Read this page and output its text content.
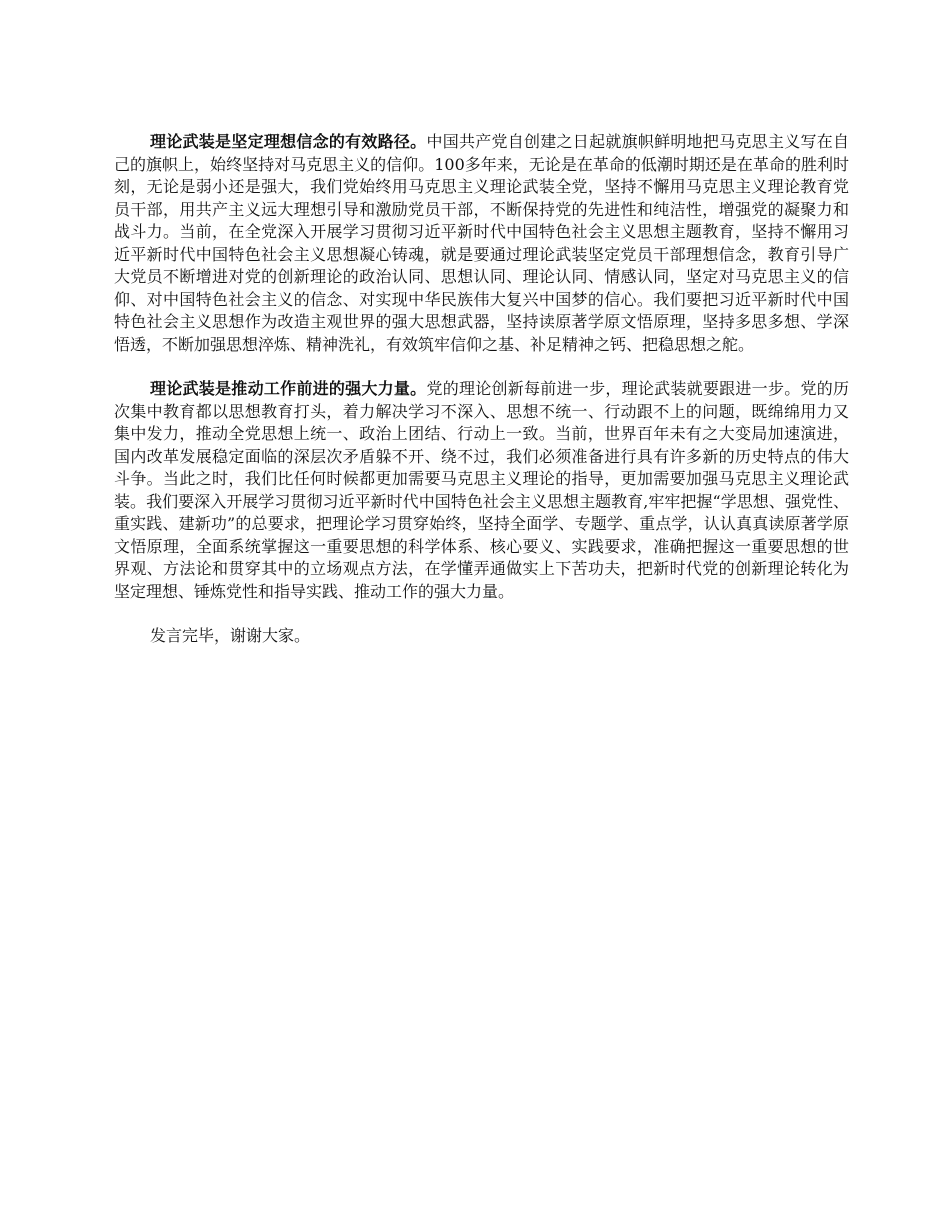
理论武装是坚定理想信念的有效路径。中国共产党自创建之日起就旗帜鲜明地把马克思主义写在自己的旗帜上，始终坚持对马克思主义的信仰。100多年来，无论是在革命的低潮时期还是在革命的胜利时刻，无论是弱小还是强大，我们党始终用马克思主义理论武装全党，坚持不懈用马克思主义理论教育党员干部，用共产主义远大理想引导和激励党员干部，不断保持党的先进性和纯洁性，增强党的凝聚力和战斗力。当前，在全党深入开展学习贯彻习近平新时代中国特色社会主义思想主题教育，坚持不懈用习近平新时代中国特色社会主义思想凝心铸魂，就是要通过理论武装坚定党员干部理想信念，教育引导广大党员不断增进对党的创新理论的政治认同、思想认同、理论认同、情感认同，坚定对马克思主义的信仰、对中国特色社会主义的信念、对实现中华民族伟大复兴中国梦的信心。我们要把习近平新时代中国特色社会主义思想作为改造主观世界的强大思想武器，坚持读原著学原文悟原理，坚持多思多想、学深悟透，不断加强思想淬炼、精神洗礼，有效筑牢信仰之基、补足精神之钙、把稳思想之舵。

理论武装是推动工作前进的强大力量。党的理论创新每前进一步，理论武装就要跟进一步。党的历次集中教育都以思想教育打头，着力解决学习不深入、思想不统一、行动跟不上的问题，既绵绵用力又集中发力，推动全党思想上统一、政治上团结、行动上一致。当前，世界百年未有之大变局加速演进，国内改革发展稳定面临的深层次矛盾躲不开、绕不过，我们必须准备进行具有许多新的历史特点的伟大斗争。当此之时，我们比任何时候都更加需要马克思主义理论的指导，更加需要加强马克思主义理论武装。我们要深入开展学习贯彻习近平新时代中国特色社会主义思想主题教育,牢牢把握“学思想、强党性、重实践、建新功”的总要求，把理论学习贯穿始终，坚持全面学、专题学、重点学，认认真真读原著学原文悟原理，全面系统掌握这一重要思想的科学体系、核心要义、实践要求，准确把握这一重要思想的世界观、方法论和贯穿其中的立场观点方法，在学懂弄通做实上下苦功夫，把新时代党的创新理论转化为坚定理想、锤炼党性和指导实践、推动工作的强大力量。

发言完毕，谢谢大家。
